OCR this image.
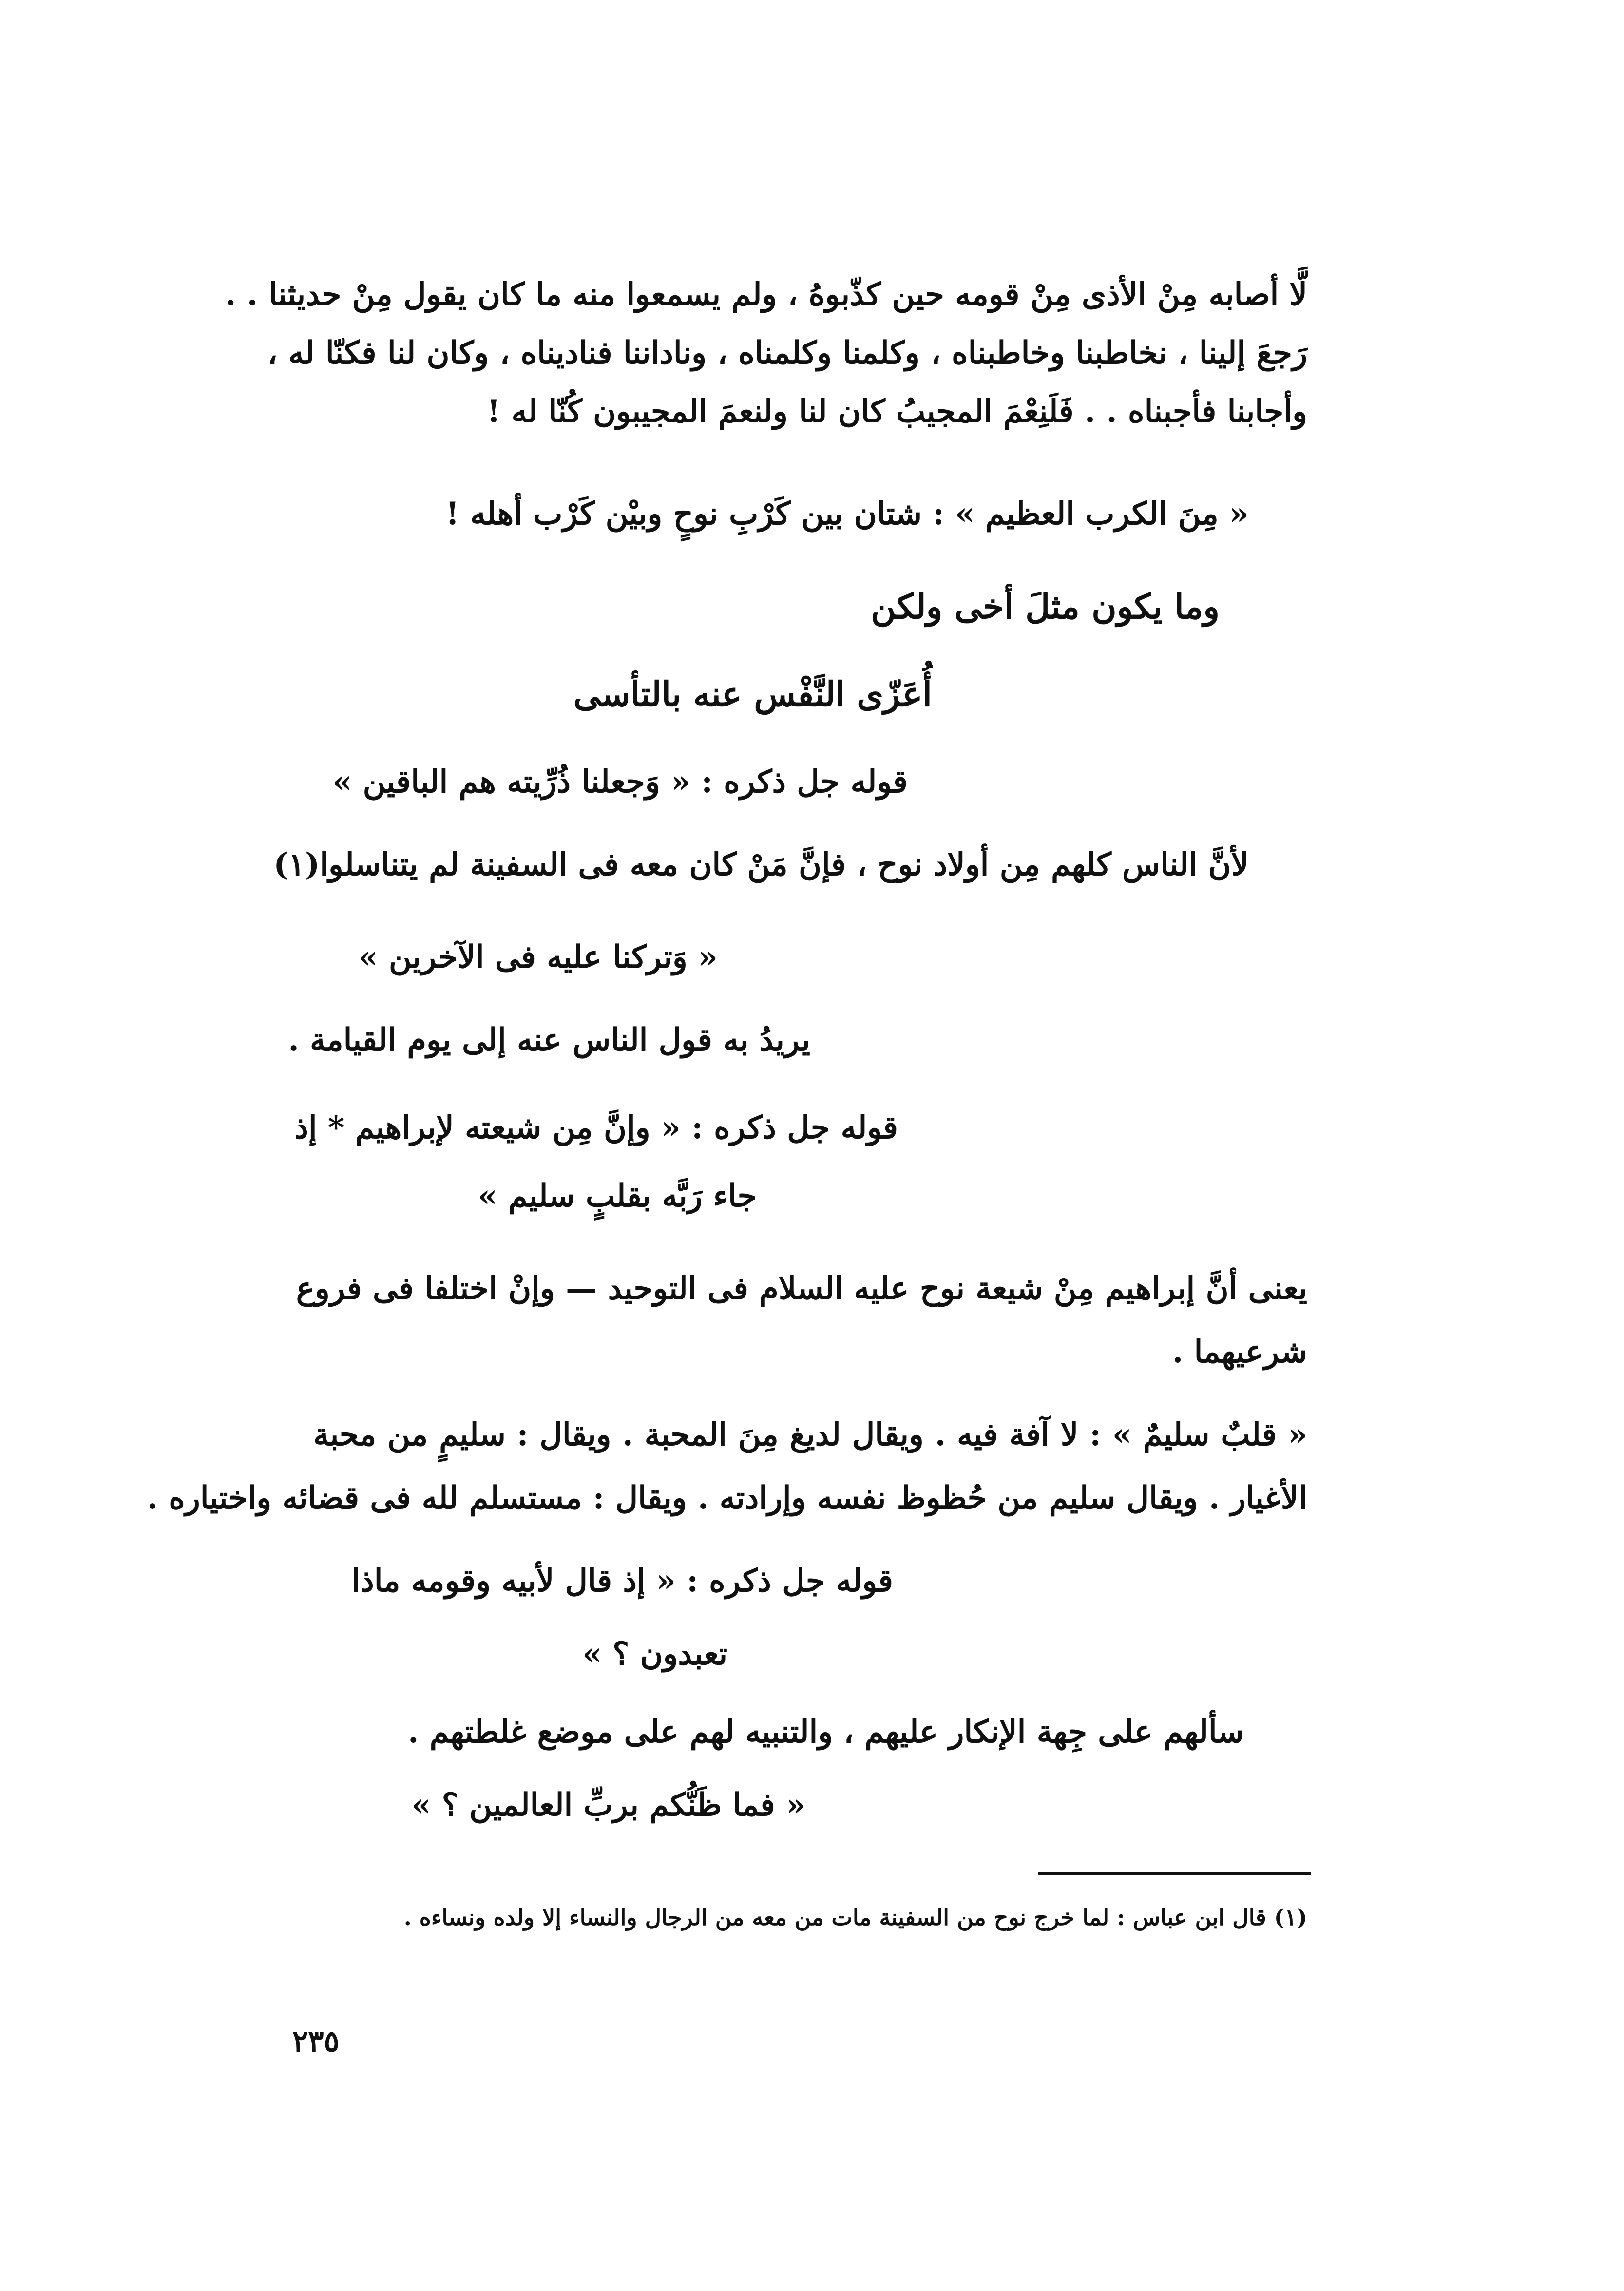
لَّا أصابه مِنْ الأذى مِنْ قومه حين كذّبوهُ ، ولم يسمعوا منه ما كان يقول مِنْ حديثنا . .
رَجعَ إلينا ، نخاطبنا وخاطبناه ، وكلمنا وكلمناه ، وناداننا فناديناه ، وكان لنا فكنّا له ،
وأجابنا فأجبناه . . فَلَنِعْمَ المجيبُ كان لنا ولنعمَ المجيبون كُنّا له !
« مِنَ الكرب العظيم » : شتان بين كَرْبِ نوحٍ وبيْن كَرْب أهله !
وما يكون مثلَ أخى ولكن
أُعَزّى النَّفْس عنه بالتأسى
قوله جل ذكره : « وَجعلنا ذُرِّيته هم الباقين »
لأنَّ الناس كلهم مِن أولاد نوح ، فإنَّ مَنْ كان معه فى السفينة لم يتناسلوا(١)
« وَتركنا عليه فى الآخرين »
يريدُ به قول الناس عنه إلى يوم القيامة .
قوله جل ذكره : « وإنَّ مِن شيعته لإبراهيم * إذ
جاء رَبَّه بقلبٍ سليم »
يعنى أنَّ إبراهيم مِنْ شيعة نوح عليه السلام فى التوحيد — وإنْ اختلفا فى فروع
شرعيهما .
« قلبٌ سليمٌ » : لا آفة فيه . ويقال لديغ مِنَ المحبة . ويقال : سليمٍ من محبة
الأغيار . ويقال سليم من حُظوظ نفسه وإرادته . ويقال : مستسلم لله فى قضائه واختياره .
قوله جل ذكره : « إذ قال لأبيه وقومه ماذا
تعبدون ؟ »
سألهم على جِهة الإنكار عليهم ، والتنبيه لهم على موضع غلطتهم .
« فما ظَنُّكم بربِّ العالمين ؟ »
(١) قال ابن عباس : لما خرج نوح من السفينة مات من معه من الرجال والنساء إلا ولده ونساءه .
٢٣٥
